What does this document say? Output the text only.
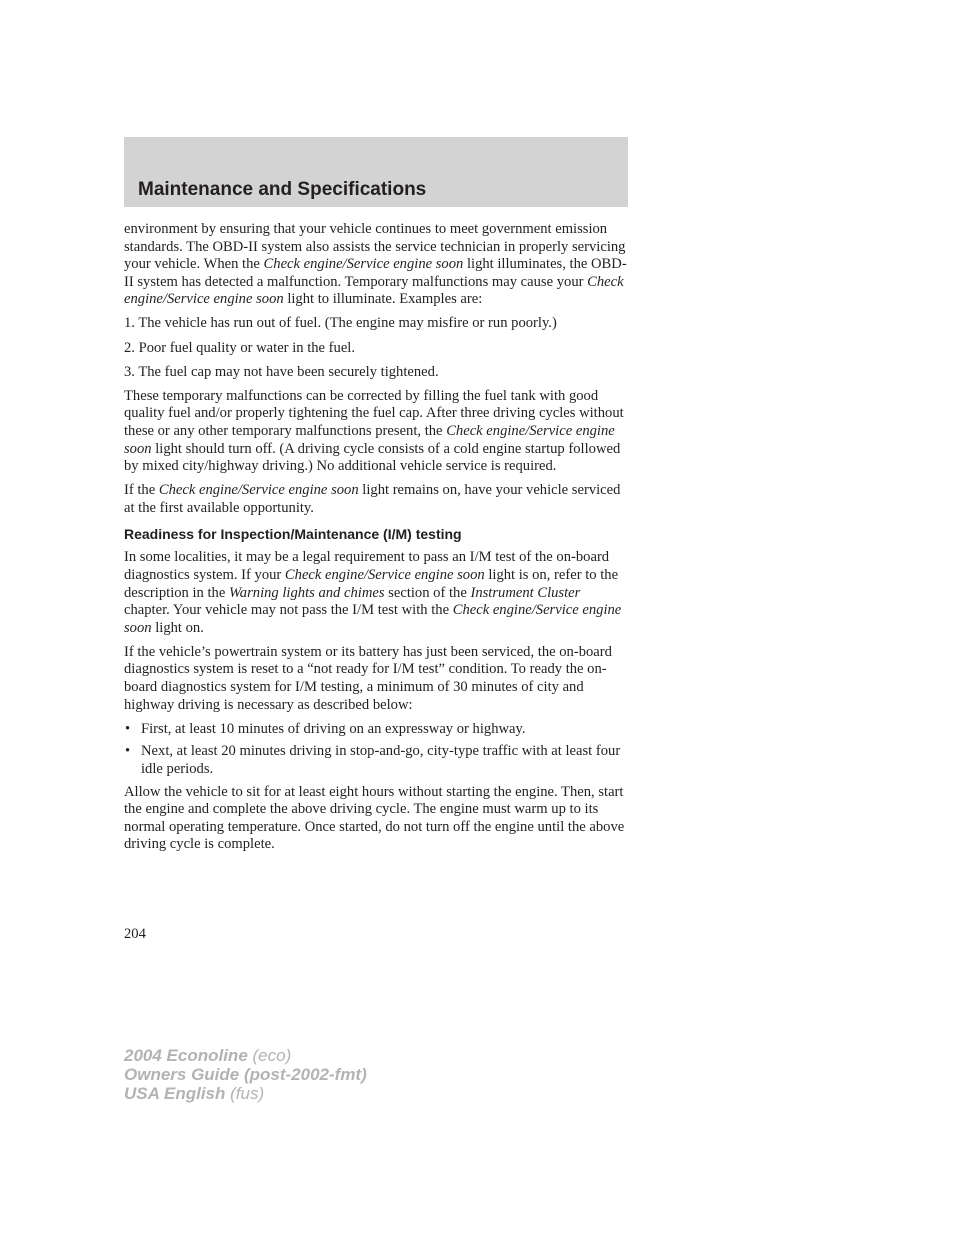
Maintenance and Specifications

environment by ensuring that your vehicle continues to meet government emission standards. The OBD-II system also assists the service technician in properly servicing your vehicle. When the Check engine/Service engine soon light illuminates, the OBD-II system has detected a malfunction. Temporary malfunctions may cause your Check engine/Service engine soon light to illuminate. Examples are:

1. The vehicle has run out of fuel. (The engine may misfire or run poorly.)

2. Poor fuel quality or water in the fuel.

3. The fuel cap may not have been securely tightened.

These temporary malfunctions can be corrected by filling the fuel tank with good quality fuel and/or properly tightening the fuel cap. After three driving cycles without these or any other temporary malfunctions present, the Check engine/Service engine soon light should turn off. (A driving cycle consists of a cold engine startup followed by mixed city/highway driving.) No additional vehicle service is required.

If the Check engine/Service engine soon light remains on, have your vehicle serviced at the first available opportunity.

Readiness for Inspection/Maintenance (I/M) testing

In some localities, it may be a legal requirement to pass an I/M test of the on-board diagnostics system. If your Check engine/Service engine soon light is on, refer to the description in the Warning lights and chimes section of the Instrument Cluster chapter. Your vehicle may not pass the I/M test with the Check engine/Service engine soon light on.

If the vehicle’s powertrain system or its battery has just been serviced, the on-board diagnostics system is reset to a “not ready for I/M test” condition. To ready the on-board diagnostics system for I/M testing, a minimum of 30 minutes of city and highway driving is necessary as described below:

• First, at least 10 minutes of driving on an expressway or highway.
• Next, at least 20 minutes driving in stop-and-go, city-type traffic with at least four idle periods.

Allow the vehicle to sit for at least eight hours without starting the engine. Then, start the engine and complete the above driving cycle. The engine must warm up to its normal operating temperature. Once started, do not turn off the engine until the above driving cycle is complete.

204
2004 Econoline (eco)
Owners Guide (post-2002-fmt)
USA English (fus)
